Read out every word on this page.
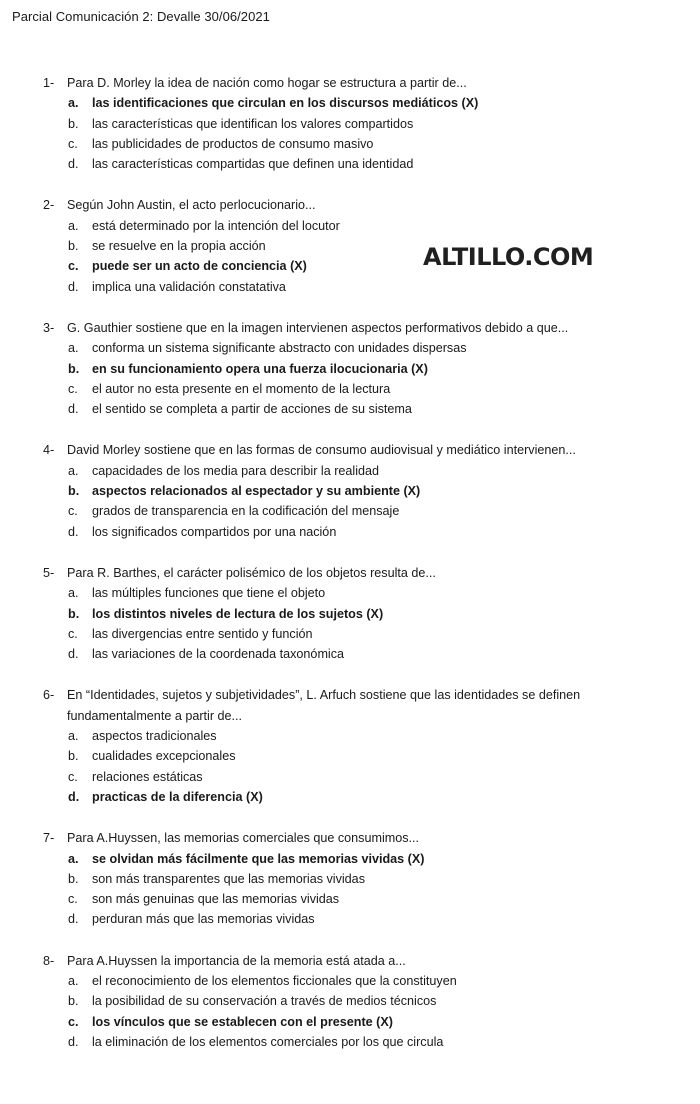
Parcial Comunicación 2: Devalle 30/06/2021
ALTILLO.COM
1- Para D. Morley la idea de nación como hogar se estructura a partir de...
a. las identificaciones que circulan en los discursos mediáticos (X)
b. las características que identifican los valores compartidos
c. las publicidades de productos de consumo masivo
d. las características compartidas que definen una identidad
2- Según John Austin, el acto perlocucionario...
a. está determinado por la intención del locutor
b. se resuelve en la propia acción
c. puede ser un acto de conciencia (X)
d. implica una validación constatativa
3- G. Gauthier sostiene que en la imagen intervienen aspectos performativos debido a que...
a. conforma un sistema significante abstracto con unidades dispersas
b. en su funcionamiento opera una fuerza ilocucionaria (X)
c. el autor no esta presente en el momento de la lectura
d. el sentido se completa a partir de acciones de su sistema
4- David Morley sostiene que en las formas de consumo audiovisual y mediático intervienen...
a. capacidades de los media para describir la realidad
b. aspectos relacionados al espectador y su ambiente (X)
c. grados de transparencia en la codificación del mensaje
d. los significados compartidos por una nación
5- Para R. Barthes, el carácter polisémico de los objetos resulta de...
a. las múltiples funciones que tiene el objeto
b. los distintos niveles de lectura de los sujetos (X)
c. las divergencias entre sentido y función
d. las variaciones de la coordenada taxonómica
6- En “Identidades, sujetos y subjetividades”, L. Arfuch sostiene que las identidades se definen fundamentalmente a partir de...
a. aspectos tradicionales
b. cualidades excepcionales
c. relaciones estáticas
d. practicas de la diferencia (X)
7- Para A.Huyssen, las memorias comerciales que consumimos...
a. se olvidan más fácilmente que las memorias vividas (X)
b. son más transparentes que las memorias vividas
c. son más genuinas que las memorias vividas
d. perduran más que las memorias vividas
8- Para A.Huyssen la importancia de la memoria está atada a...
a. el reconocimiento de los elementos ficcionales que la constituyen
b. la posibilidad de su conservación a través de medios técnicos
c. los vínculos que se establecen con el presente (X)
d. la eliminación de los elementos comerciales por los que circula
